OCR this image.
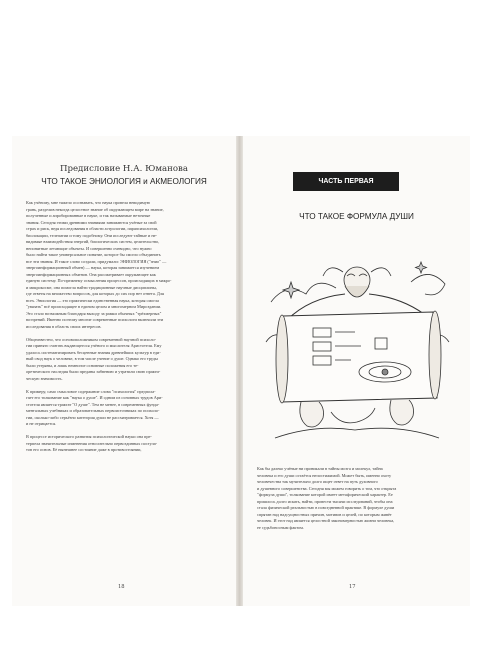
Предисловие Н.А. Юманова
ЧТО ТАКОЕ ЭНИОЛОГИЯ и АКМЕОЛОГИЯ
Как учёному, мне тяжело осознавать, что наука провела невидимую
грань, разделив некогда целостное знание об окружающем мире на знание,
полученные и апробированные в науке, и так называемые неточные
знания. Сегодня этими древними знаниями занимаются учёные за свой
страх и риск, ведя исследования в области астрологии, парапсихологии,
биолокации, телепатии и тому подобному. Они исследуют тайные и не-
видимые взаимодействия энергий, биологических систем, целительство,
непонятные летающие объекты. И совершенно очевидно, что нужно
было найти такое универсальное понятие, которое бы смогло объединить
все эти знания. И такое слово создали, придумали: ЭНИОЛОГИЯ ("энио" —
энергоинформационный обмен) — наука, которая занимается изучением
энергоинформационных обменов. Она рассматривает окружающее как
единую систему. По-прежнему осмысления процессов, происходящих в макро-
и микрокосме, она помогла найти традиционные научные дисциплины,
где ответы на множество вопросов, для которых до сих пор нет ответа. Для
всех. Эниология — это практически единственная наука, которая смогла
"увязать" всё происходящее в едином целом и многомерном Мироздании.
Это стало возможным благодаря выходу за рамки обычных "трёхмерных"
воззрений. Именно поэтому многие современные психологи включили эти
исследования в область своих интересов.
Общеизвестно, что основоположником современной научной психоло-
гии принято считать выдающегося учёного и мыслителя Аристотеля. Ему
удалось систематизировать бесценные знания древнейших культур в еди-
ный свод наук о человеке, в том числе учение о душе. Однако его труды
были утеряны, и лишь немногие основные положения его те-
оретического наследия были преданы забвению и утратили свою практи-
ческую значимость.
К примеру, само смысловое содержание слова "психология" предпола-
гает его толкование как "наука о душе". И одним из основных трудов Ари-
стотеля является трактат "О душе". Тем не менее, в современных фунда-
ментальных учебниках и образовательных первоисточниках по психоло-
гии, сколько-либо серьёзно категория души не рассматривается. Хотя —
и не отрицается.
В процессе исторического развития психологической науки она пре-
терпела значительные изменения относительно первоздинных постула-
тов его основ. Её нынешнее состояние даже в противостоянии,
18
ЧАСТЬ ПЕРВАЯ
ЧТО ТАКОЕ ФОРМУЛА ДУШИ
Как бы далеко учёные ни проникали в тайны мозга и молекул, тайна
человека и его души остаётся непостижимой. Может быть, именно охоту
человечества так мучительно долго ищет ответ на путь духовного
и душевного совершенства. Сегодня мы можем говорить о том, что открыта
"формула души", толкование которой имеет метафорический характер. Ее
пришлось долго искать, найти, провести тысячи исследований, чтобы она
стала физической реальностью в повседневной практике. В формуле души
спрятан над надсущностных причин, мотивов и целей, по которым живёт
человек. И этот над является целостной закономерностью жизни человека,
ее судьбоносным фактом.
17
